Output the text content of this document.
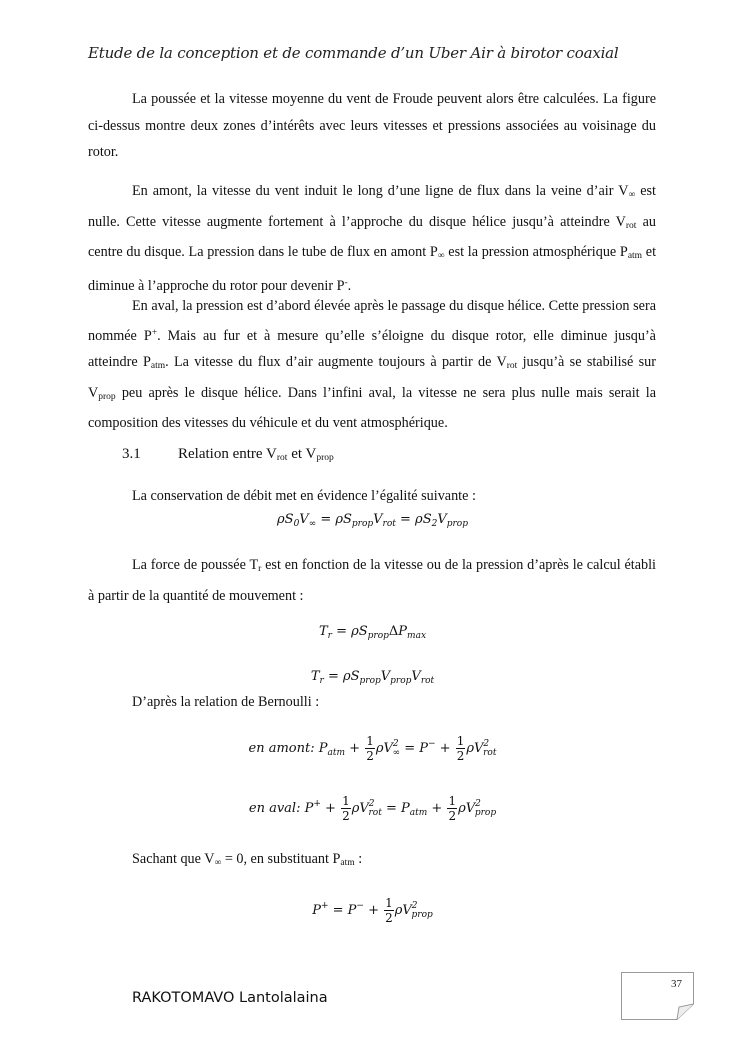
Etude de la conception et de commande d’un Uber Air à birotor coaxial
La poussée et la vitesse moyenne du vent de Froude peuvent alors être calculées. La figure ci-dessus montre deux zones d’intérêts avec leurs vitesses et pressions associées au voisinage du rotor.
En amont, la vitesse du vent induit le long d’une ligne de flux dans la veine d’air $V_\infty$ est nulle. Cette vitesse augmente fortement à l’approche du disque hélice jusqu’à atteindre $V_{rot}$ au centre du disque. La pression dans le tube de flux en amont $P_\infty$ est la pression atmosphérique $P_{atm}$ et diminue à l’approche du rotor pour devenir P-.
En aval, la pression est d’abord élevée après le passage du disque hélice. Cette pression sera nommée P+. Mais au fur et à mesure qu’elle s’éloigne du disque rotor, elle diminue jusqu’à atteindre $P_{atm}$. La vitesse du flux d’air augmente toujours à partir de $V_{rot}$ jusqu’à se stabilisé sur $V_{prop}$ peu après le disque hélice. Dans l’infini aval, la vitesse ne sera plus nulle mais serait la composition des vitesses du véhicule et du vent atmosphérique.
3.1 Relation entre $V_{rot}$ et $V_{prop}$
La conservation de débit met en évidence l’égalité suivante :
$\rho S_0V_\infty = \rho S_{prop}V_{rot} = \rho S_2V_{prop}$
La force de poussée $T_r$ est en fonction de la vitesse ou de la pression d’après le calcul établi à partir de la quantité de mouvement :
$T_r = \rho S_{prop}\Delta P_{max}$
$T_r = \rho S_{prop}V_{prop}V_{rot}$
D’après la relation de Bernoulli :
en amont: $P_{atm} + \frac{1}{2} \rho V^2_\infty = P^- + \frac{1}{2} \rho V^2_{rot}$
en aval: $P^+ + \frac{1}{2} \rho V^2_{rot} = P_{atm} + \frac{1}{2} \rho V^2_{prop}$
Sachant que $V_\infty = 0$, en substituant $P_{atm}$ :
$P^+ = P^- + \frac{1}{2} \rho V^2_{prop}$
37
RAKOTOMAVO Lantolalaina
